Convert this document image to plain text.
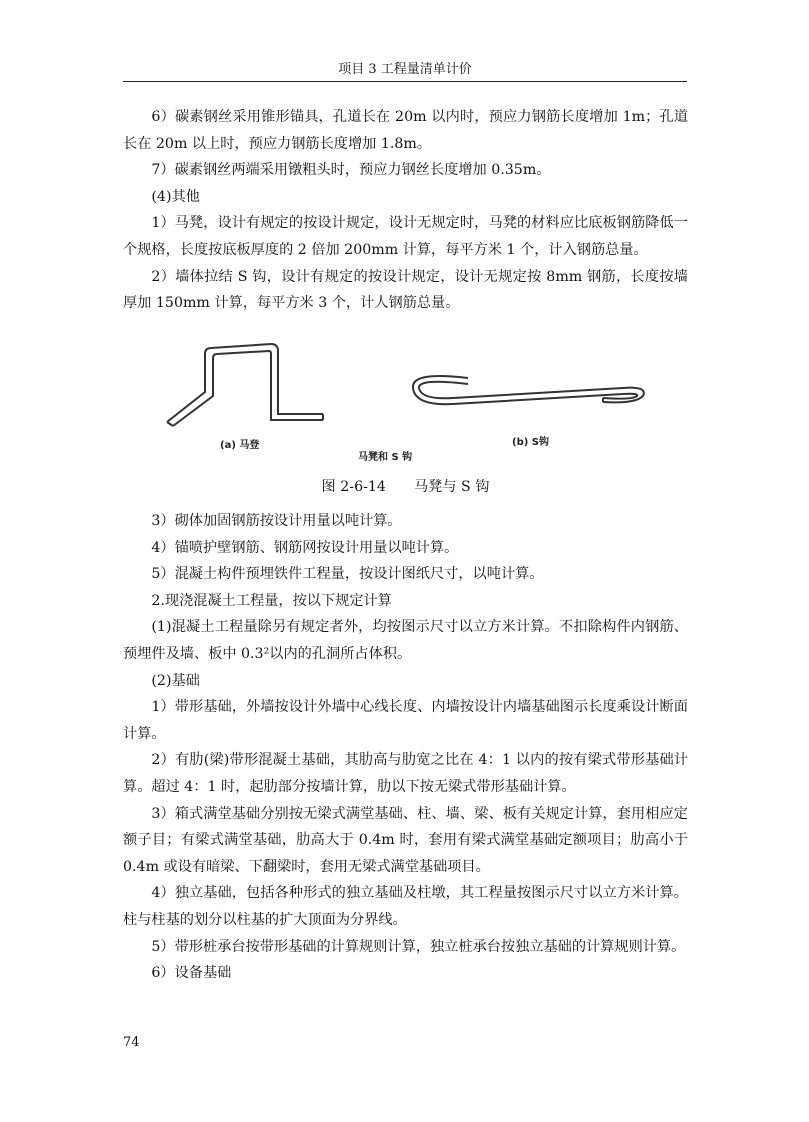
项目 3 工程量清单计价

6）碳素钢丝采用锥形锚具，孔道长在 20m 以内时，预应力钢筋长度增加 1m；孔道长在 20m 以上时，预应力钢筋长度增加 1.8m。

7）碳素钢丝两端采用镦粗头时，预应力钢丝长度增加 0.35m。

(4)其他

1）马凳，设计有规定的按设计规定，设计无规定时，马凳的材料应比底板钢筋降低一个规格，长度按底板厚度的 2 倍加 200mm 计算，每平方米 1 个，计入钢筋总量。

2）墙体拉结 S 钩，设计有规定的按设计规定，设计无规定按 8mm 钢筋，长度按墙厚加 150mm 计算，每平方米 3 个，计人钢筋总量。

(a) 马登	(b) S钩
马凳和 S 钩
图 2-6-14 马凳与 S 钩

3）砌体加固钢筋按设计用量以吨计算。

4）锚喷护壁钢筋、钢筋网按设计用量以吨计算。

5）混凝土构件预埋铁件工程量，按设计图纸尺寸，以吨计算。

2.现浇混凝土工程量，按以下规定计算

(1)混凝土工程量除另有规定者外，均按图示尺寸以立方米计算。不扣除构件内钢筋、预埋件及墙、板中 0.3²以内的孔洞所占体积。

(2)基础

1）带形基础，外墙按设计外墙中心线长度、内墙按设计内墙基础图示长度乘设计断面计算。

2）有肋(梁)带形混凝土基础，其肋高与肋宽之比在 4：1 以内的按有梁式带形基础计算。超过 4：1 时，起肋部分按墙计算，肋以下按无梁式带形基础计算。

3）箱式满堂基础分别按无梁式满堂基础、柱、墙、梁、板有关规定计算，套用相应定额子目；有梁式满堂基础，肋高大于 0.4m 时，套用有梁式满堂基础定额项目；肋高小于 0.4m 或设有暗梁、下翻梁时，套用无梁式满堂基础项目。

4）独立基础，包括各种形式的独立基础及柱墩，其工程量按图示尺寸以立方米计算。柱与柱基的划分以柱基的扩大顶面为分界线。

5）带形桩承台按带形基础的计算规则计算，独立桩承台按独立基础的计算规则计算。

6）设备基础

74
